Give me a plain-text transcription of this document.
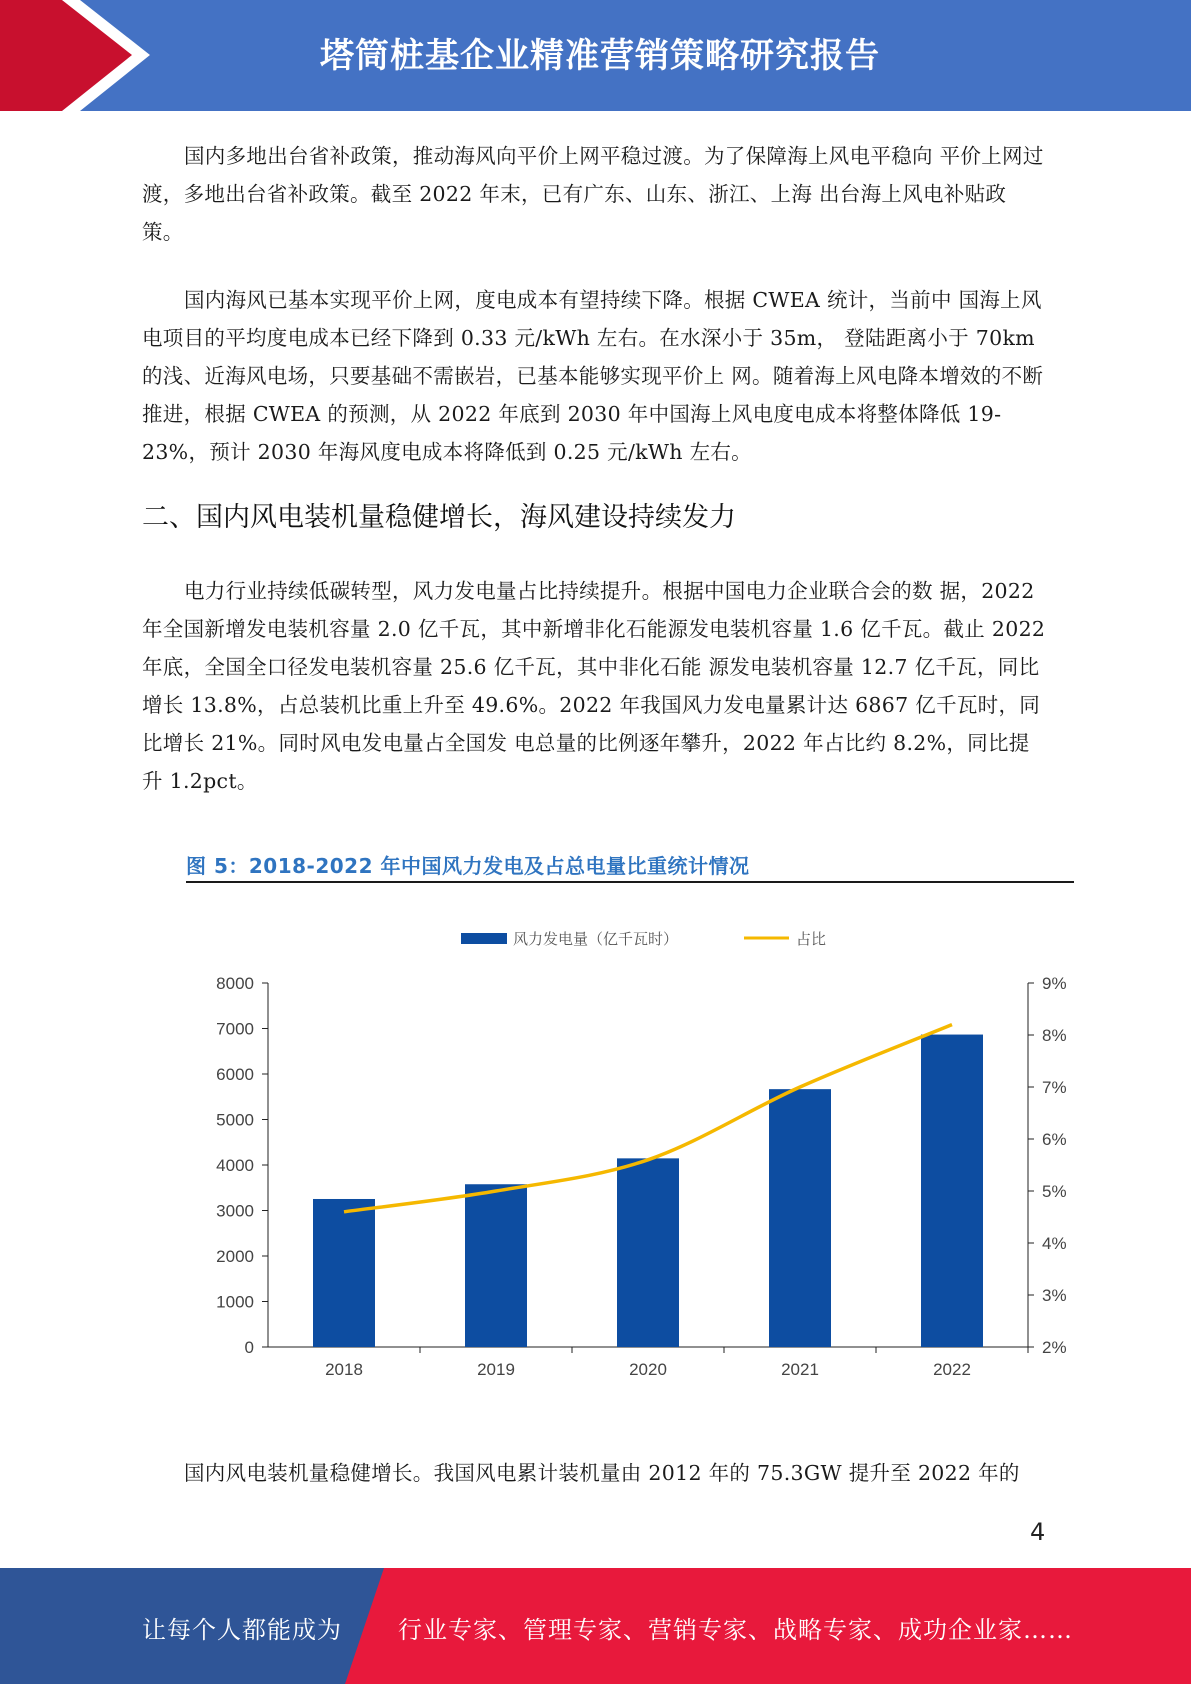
塔筒桩基企业精准营销策略研究报告

国内多地出台省补政策，推动海风向平价上网平稳过渡。为了保障海上风电平稳向 平价上网过渡，多地出台省补政策。截至 2022 年末，已有广东、山东、浙江、上海 出台海上风电补贴政策。

国内海风已基本实现平价上网，度电成本有望持续下降。根据 CWEA 统计，当前中 国海上风电项目的平均度电成本已经下降到 0.33 元/kWh 左右。在水深小于 35m， 登陆距离小于 70km 的浅、近海风电场，只要基础不需嵌岩，已基本能够实现平价上 网。随着海上风电降本增效的不断推进，根据 CWEA 的预测，从 2022 年底到 2030 年中国海上风电度电成本将整体降低 19-23%，预计 2030 年海风度电成本将降低到 0.25 元/kWh 左右。

二、国内风电装机量稳健增长，海风建设持续发力

电力行业持续低碳转型，风力发电量占比持续提升。根据中国电力企业联合会的数 据，2022 年全国新增发电装机容量 2.0 亿千瓦，其中新增非化石能源发电装机容量 1.6 亿千瓦。截止 2022 年底，全国全口径发电装机容量 25.6 亿千瓦，其中非化石能 源发电装机容量 12.7 亿千瓦，同比增长 13.8%，占总装机比重上升至 49.6%。2022 年我国风力发电量累计达 6867 亿千瓦时，同比增长 21%。同时风电发电量占全国发 电总量的比例逐年攀升，2022 年占比约 8.2%，同比提升 1.2pct。

图 5：2018-2022 年中国风力发电及占总电量比重统计情况
风力发电量（亿千瓦时）	占比
0
1000
2000
3000
4000
5000
6000
7000
8000
2%
3%
4%
5%
6%
7%
8%
9%
2018	2019	2020	2021	2022

国内风电装机量稳健增长。我国风电累计装机量由 2012 年的 75.3GW 提升至 2022 年的

4
让每个人都能成为 行业专家、管理专家、营销专家、战略专家、成功企业家……
